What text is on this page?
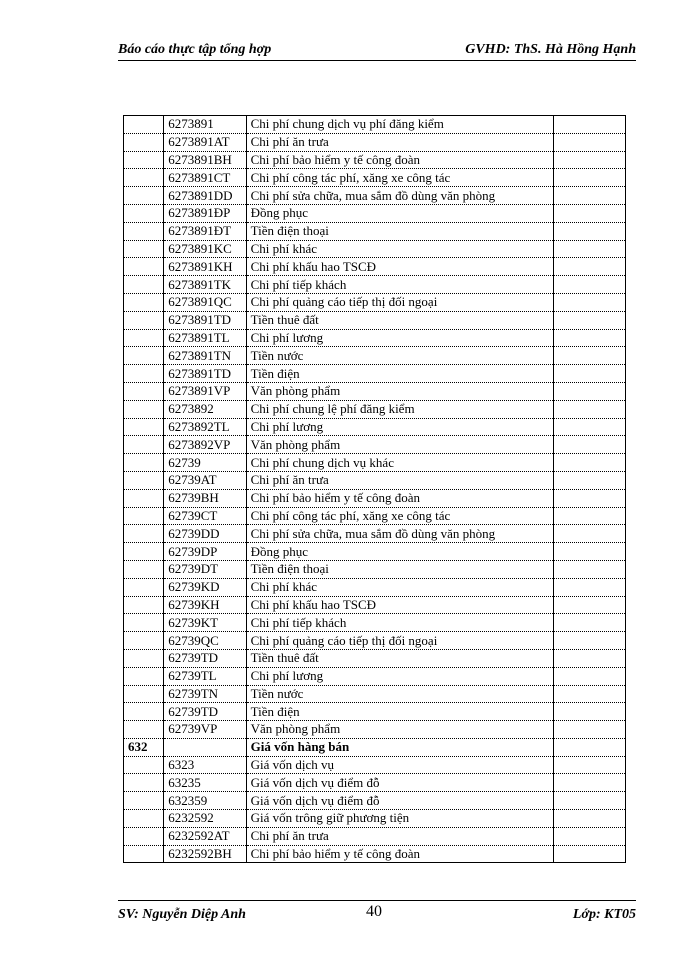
Báo cáo thực tập tổng hợp	GVHD: ThS. Hà Hồng Hạnh
	6273891	Chi phí chung dịch vụ phí đăng kiểm	
	6273891AT	Chi phí ăn trưa	
	6273891BH	Chi phí bảo hiểm y tế công đoàn	
	6273891CT	Chi phí công tác phí, xăng xe công tác	
	6273891DD	Chi phí sửa chữa, mua sắm đồ dùng văn phòng	
	6273891ĐP	Đồng phục	
	6273891ĐT	Tiền điện thoại	
	6273891KC	Chi phí khác	
	6273891KH	Chi phí khấu hao TSCĐ	
	6273891TK	Chi phí tiếp khách	
	6273891QC	Chi phí quảng cáo tiếp thị đối ngoại	
	6273891TD	Tiền thuê đất	
	6273891TL	Chi phí lương	
	6273891TN	Tiền nước	
	6273891TD	Tiền điện	
	6273891VP	Văn phòng phẩm	
	6273892	Chi phí chung lệ phí đăng kiểm	
	6273892TL	Chi phí lương	
	6273892VP	Văn phòng phẩm	
	62739	Chi phí chung dịch vụ khác	
	62739AT	Chi phí ăn trưa	
	62739BH	Chi phí bảo hiểm y tế công đoàn	
	62739CT	Chi phí công tác phí, xăng xe công tác	
	62739DD	Chi phí sửa chữa, mua sắm đồ dùng văn phòng	
	62739DP	Đồng phục	
	62739DT	Tiền điện thoại	
	62739KD	Chi phí khác	
	62739KH	Chi phí khấu hao TSCĐ	
	62739KT	Chi phí tiếp khách	
	62739QC	Chi phí quảng cáo tiếp thị đối ngoại	
	62739TD	Tiền thuê đất	
	62739TL	Chi phí lương	
	62739TN	Tiền nước	
	62739TD	Tiền điện	
	62739VP	Văn phòng phẩm	
632		Giá vốn hàng bán	
	6323	Giá vốn dịch vụ	
	63235	Giá vốn dịch vụ điểm đỗ	
	632359	Giá vốn dịch vụ điểm đỗ	
	6232592	Giá vốn trông giữ phương tiện	
	6232592AT	Chi phí ăn trưa	
	6232592BH	Chi phí bảo hiểm y tế công đoàn	
SV: Nguyễn Diệp Anh	40	Lớp: KT05
